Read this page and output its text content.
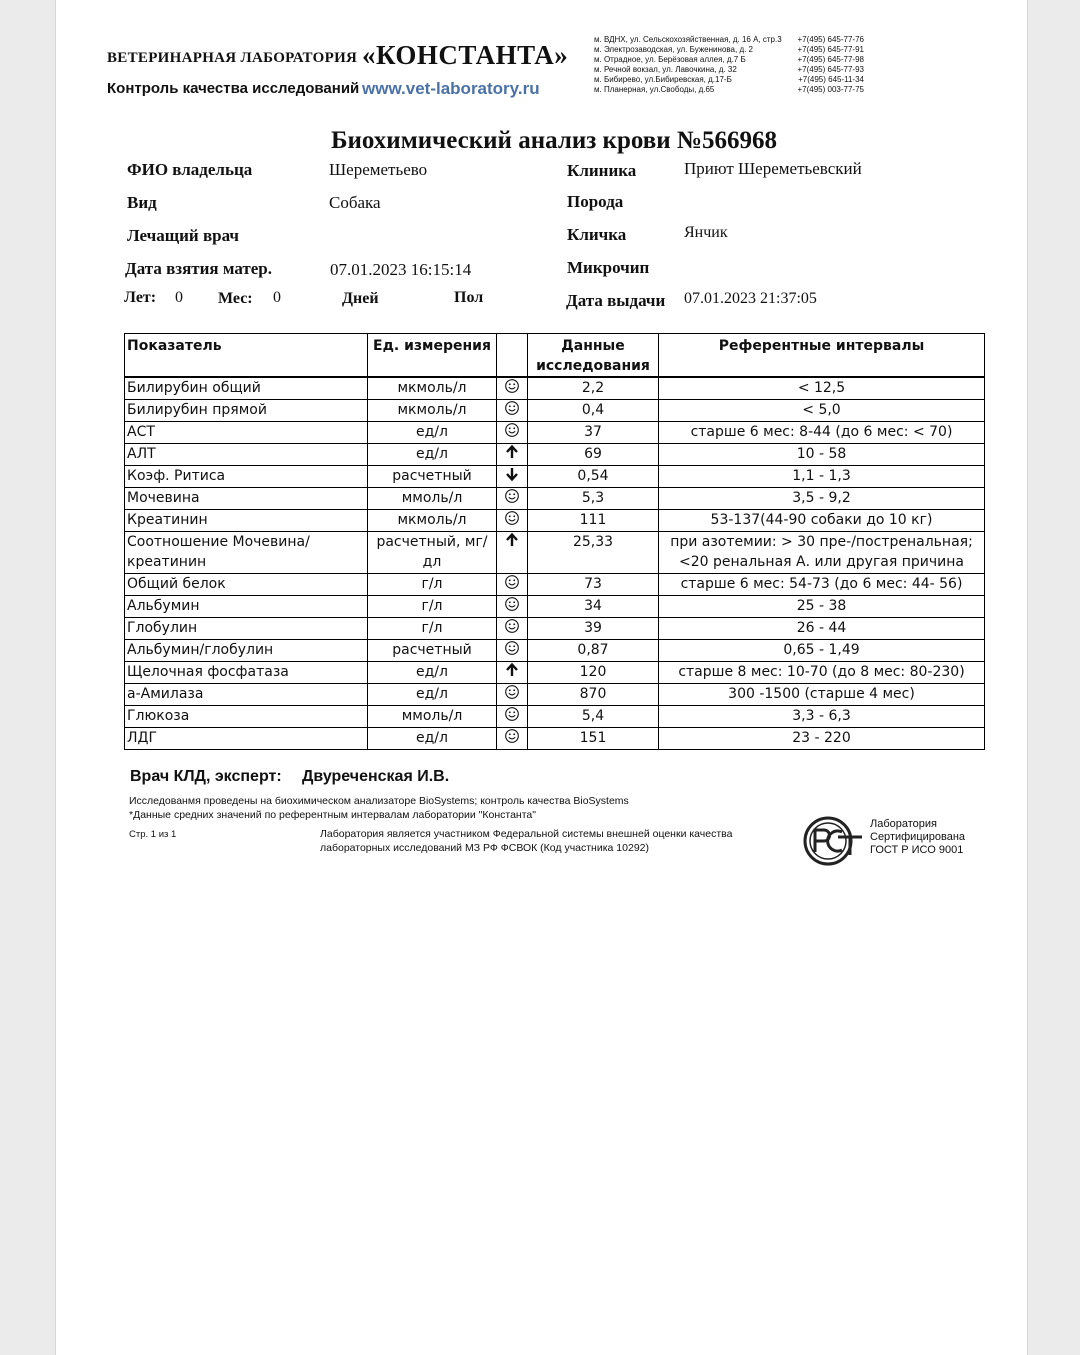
ВЕТЕРИНАРНАЯ ЛАБОРАТОРИЯ «КОНСТАНТА»
Контроль качества исследований www.vet-laboratory.ru
м. ВДНХ, ул. Сельскохозяйственная, д. 16 А, стр.3 +7(495) 645-77-76
м. Электрозаводская, ул. Буженинова, д. 2	+7(495) 645-77-91
м. Отрадное, ул. Берёзовая аллея, д.7 Б	+7(495) 645-77-98
м. Речной вокзал, ул. Лавочкина, д. 32	+7(495) 645-77-93
м. Бибирево, ул.Бибиревская, д.17-Б	+7(495) 645-11-34
м. Планерная, ул.Свободы, д.65	+7(495) 003-77-75
Биохимический анализ крови №566968
ФИО владельца	Шереметьево
Вид	Собака
Лечащий врач
Дата взятия матер.	07.01.2023 16:15:14
Лет: 0 Мес: 0	Дней	Пол
Клиника	Приют Шереметьевский
Порода
Кличка	Янчик
Микрочип
Дата выдачи 07.01.2023 21:37:05
Показатель	Ед. измерения		Данные исследования	Референтные интервалы
Билирубин общий	мкмоль/л		2,2	< 12,5
Билирубин прямой	мкмоль/л		0,4	< 5,0
АСТ	ед/л		37	старше 6 мес: 8-44 (до 6 мес: < 70)
АЛТ	ед/л		69	10 - 58
Коэф. Ритиса	расчетный		0,54	1,1 - 1,3
Мочевина	ммоль/л		5,3	3,5 - 9,2
Креатинин	мкмоль/л		111	53-137(44-90 собаки до 10 кг)
Соотношение Мочевина/креатинин	расчетный, мг/дл		25,33	при азотемии: > 30 пре-/постренальная; <20 ренальная А. или другая причина
Общий белок	г/л		73	старше 6 мес: 54-73 (до 6 мес: 44- 56)
Альбумин	г/л		34	25 - 38
Глобулин	г/л		39	26 - 44
Альбумин/глобулин	расчетный		0,87	0,65 - 1,49
Щелочная фосфатаза	ед/л		120	старше 8 мес: 10-70 (до 8 мес: 80-230)
а-Амилаза	ед/л		870	300 -1500 (старше 4 мес)
Глюкоза	ммоль/л		5,4	3,3 - 6,3
ЛДГ	ед/л		151	23 - 220
Врач КЛД, эксперт: Двуреченская И.В.
Исследованмя проведены на биохимическом анализаторе BioSystems; контроль качества BioSystems
*Данные средних значений по референтным интервалам лаборатории "Константа"
Стр. 1 из 1	Лаборатория является участником Федеральной системы внешней оценки качества лабораторных исследований МЗ РФ ФСВОК (Код участника 10292)
Лаборатория
Сертифицирована
ГОСТ Р ИСО 9001
